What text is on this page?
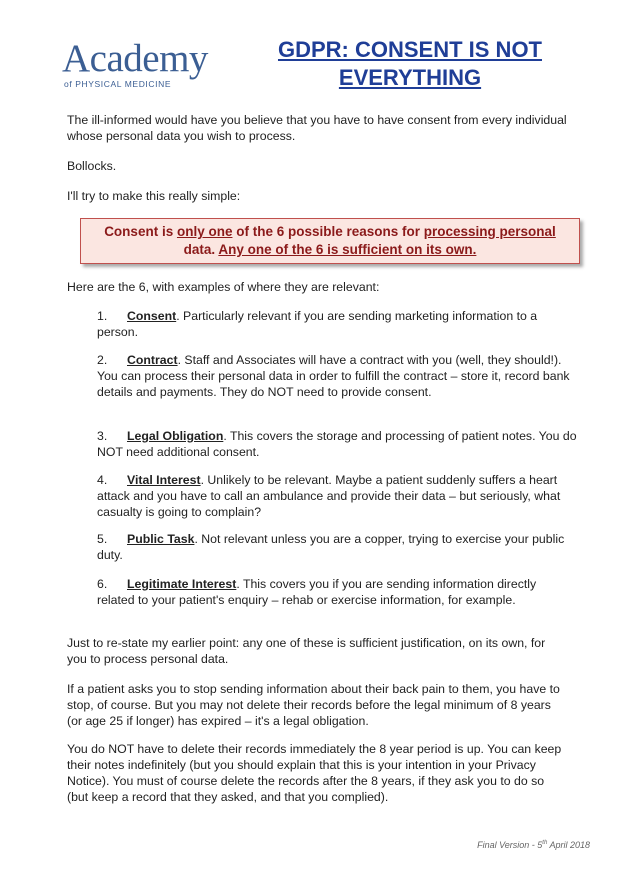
Academy
of PHYSICAL MEDICINE
GDPR: CONSENT IS NOT
EVERYTHING
The ill-informed would have you believe that you have to have consent from every individual whose personal data you wish to process.
Bollocks.
I'll try to make this really simple:
Consent is only one of the 6 possible reasons for processing personal data. Any one of the 6 is sufficient on its own.
Here are the 6, with examples of where they are relevant:
1. Consent. Particularly relevant if you are sending marketing information to a person.
2. Contract. Staff and Associates will have a contract with you (well, they should!). You can process their personal data in order to fulfill the contract – store it, record bank details and payments. They do NOT need to provide consent.
3. Legal Obligation. This covers the storage and processing of patient notes. You do NOT need additional consent.
4. Vital Interest. Unlikely to be relevant. Maybe a patient suddenly suffers a heart attack and you have to call an ambulance and provide their data – but seriously, what casualty is going to complain?
5. Public Task. Not relevant unless you are a copper, trying to exercise your public duty.
6. Legitimate Interest. This covers you if you are sending information directly related to your patient's enquiry – rehab or exercise information, for example.
Just to re-state my earlier point: any one of these is sufficient justification, on its own, for you to process personal data.
If a patient asks you to stop sending information about their back pain to them, you have to stop, of course. But you may not delete their records before the legal minimum of 8 years (or age 25 if longer) has expired – it's a legal obligation.
You do NOT have to delete their records immediately the 8 year period is up. You can keep their notes indefinitely (but you should explain that this is your intention in your Privacy Notice). You must of course delete the records after the 8 years, if they ask you to do so (but keep a record that they asked, and that you complied).
Final Version - 5th April 2018
